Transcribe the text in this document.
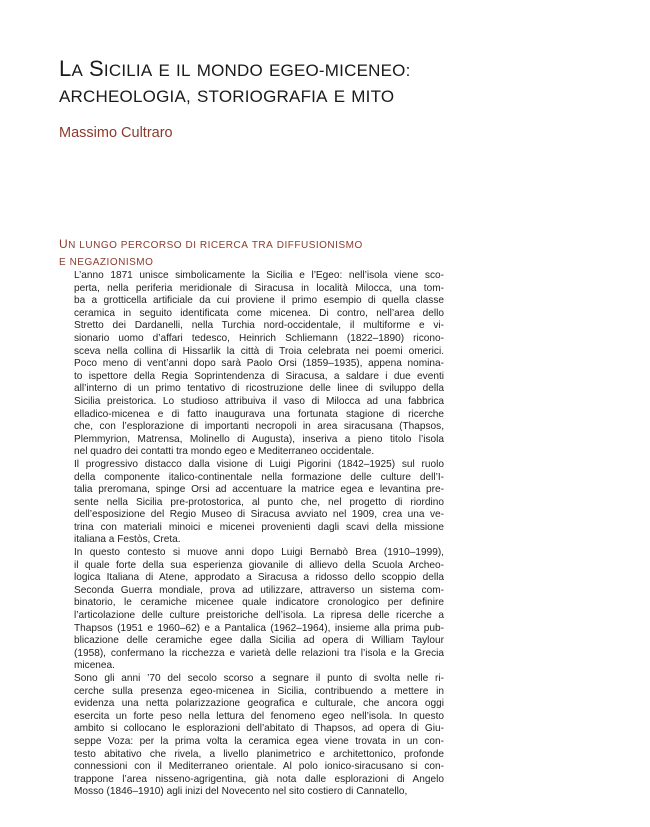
LA SICILIA E IL MONDO EGEO-MICENEO:
ARCHEOLOGIA, STORIOGRAFIA E MITO

Massimo Cultraro

UN LUNGO PERCORSO DI RICERCA TRA DIFFUSIONISMO
E NEGAZIONISMO

L’anno 1871 unisce simbolicamente la Sicilia e l’Egeo: nell’isola viene sco-
perta, nella periferia meridionale di Siracusa in località Milocca, una tom-
ba a grotticella artificiale da cui proviene il primo esempio di quella classe
ceramica in seguito identificata come micenea. Di contro, nell’area dello
Stretto dei Dardanelli, nella Turchia nord-occidentale, il multiforme e vi-
sionario uomo d’affari tedesco, Heinrich Schliemann (1822–1890) ricono-
sceva nella collina di Hissarlik la città di Troia celebrata nei poemi omerici.
Poco meno di vent’anni dopo sarà Paolo Orsi (1859–1935), appena nomina-
to ispettore della Regia Soprintendenza di Siracusa, a saldare i due eventi
all’interno di un primo tentativo di ricostruzione delle linee di sviluppo della
Sicilia preistorica. Lo studioso attribuiva il vaso di Milocca ad una fabbrica
elladico-micenea e di fatto inaugurava una fortunata stagione di ricerche
che, con l’esplorazione di importanti necropoli in area siracusana (Thapsos,
Plemmyrion, Matrensa, Molinello di Augusta), inseriva a pieno titolo l’isola
nel quadro dei contatti tra mondo egeo e Mediterraneo occidentale.

Il progressivo distacco dalla visione di Luigi Pigorini (1842–1925) sul ruolo
della componente italico-continentale nella formazione delle culture dell’I-
talia preromana, spinge Orsi ad accentuare la matrice egea e levantina pre-
sente nella Sicilia pre-protostorica, al punto che, nel progetto di riordino
dell’esposizione del Regio Museo di Siracusa avviato nel 1909, crea una ve-
trina con materiali minoici e micenei provenienti dagli scavi della missione
italiana a Festòs, Creta.

In questo contesto si muove anni dopo Luigi Bernabò Brea (1910–1999),
il quale forte della sua esperienza giovanile di allievo della Scuola Archeo-
logica Italiana di Atene, approdato a Siracusa a ridosso dello scoppio della
Seconda Guerra mondiale, prova ad utilizzare, attraverso un sistema com-
binatorio, le ceramiche micenee quale indicatore cronologico per definire
l’articolazione delle culture preistoriche dell’isola. La ripresa delle ricerche a
Thapsos (1951 e 1960–62) e a Pantalica (1962–1964), insieme alla prima pub-
blicazione delle ceramiche egee dalla Sicilia ad opera di William Taylour
(1958), confermano la ricchezza e varietà delle relazioni tra l’isola e la Grecia
micenea.

Sono gli anni ’70 del secolo scorso a segnare il punto di svolta nelle ri-
cerche sulla presenza egeo-micenea in Sicilia, contribuendo a mettere in
evidenza una netta polarizzazione geografica e culturale, che ancora oggi
esercita un forte peso nella lettura del fenomeno egeo nell’isola. In questo
ambito si collocano le esplorazioni dell’abitato di Thapsos, ad opera di Giu-
seppe Voza: per la prima volta la ceramica egea viene trovata in un con-
testo abitativo che rivela, a livello planimetrico e architettonico, profonde
connessioni con il Mediterraneo orientale. Al polo ionico-siracusano si con-
trappone l’area nisseno-agrigentina, già nota dalle esplorazioni di Angelo
Mosso (1846–1910) agli inizi del Novecento nel sito costiero di Cannatello,
